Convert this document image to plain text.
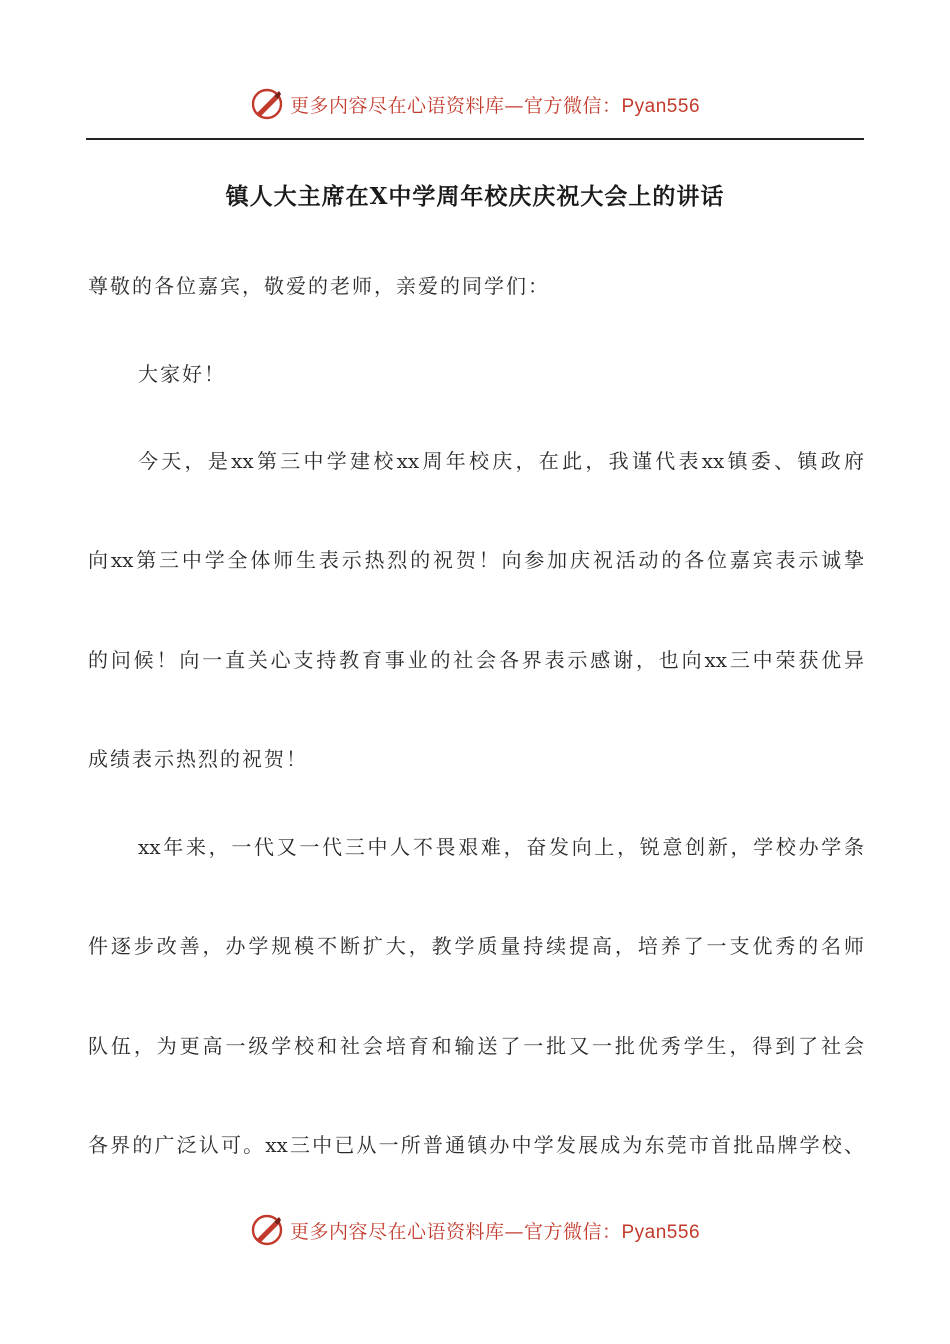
更多内容尽在心语资料库—官方微信：Pyan556
镇人大主席在X中学周年校庆庆祝大会上的讲话
尊敬的各位嘉宾，敬爱的老师，亲爱的同学们：
大家好！
今天，是xx第三中学建校xx周年校庆，在此，我谨代表xx镇委、镇政府
向xx第三中学全体师生表示热烈的祝贺！向参加庆祝活动的各位嘉宾表示诚挚
的问候！向一直关心支持教育事业的社会各界表示感谢，也向xx三中荣获优异
成绩表示热烈的祝贺！
xx年来，一代又一代三中人不畏艰难，奋发向上，锐意创新，学校办学条
件逐步改善，办学规模不断扩大，教学质量持续提高，培养了一支优秀的名师
队伍，为更高一级学校和社会培育和输送了一批又一批优秀学生，得到了社会
各界的广泛认可。xx三中已从一所普通镇办中学发展成为东莞市首批品牌学校、
更多内容尽在心语资料库—官方微信：Pyan556
